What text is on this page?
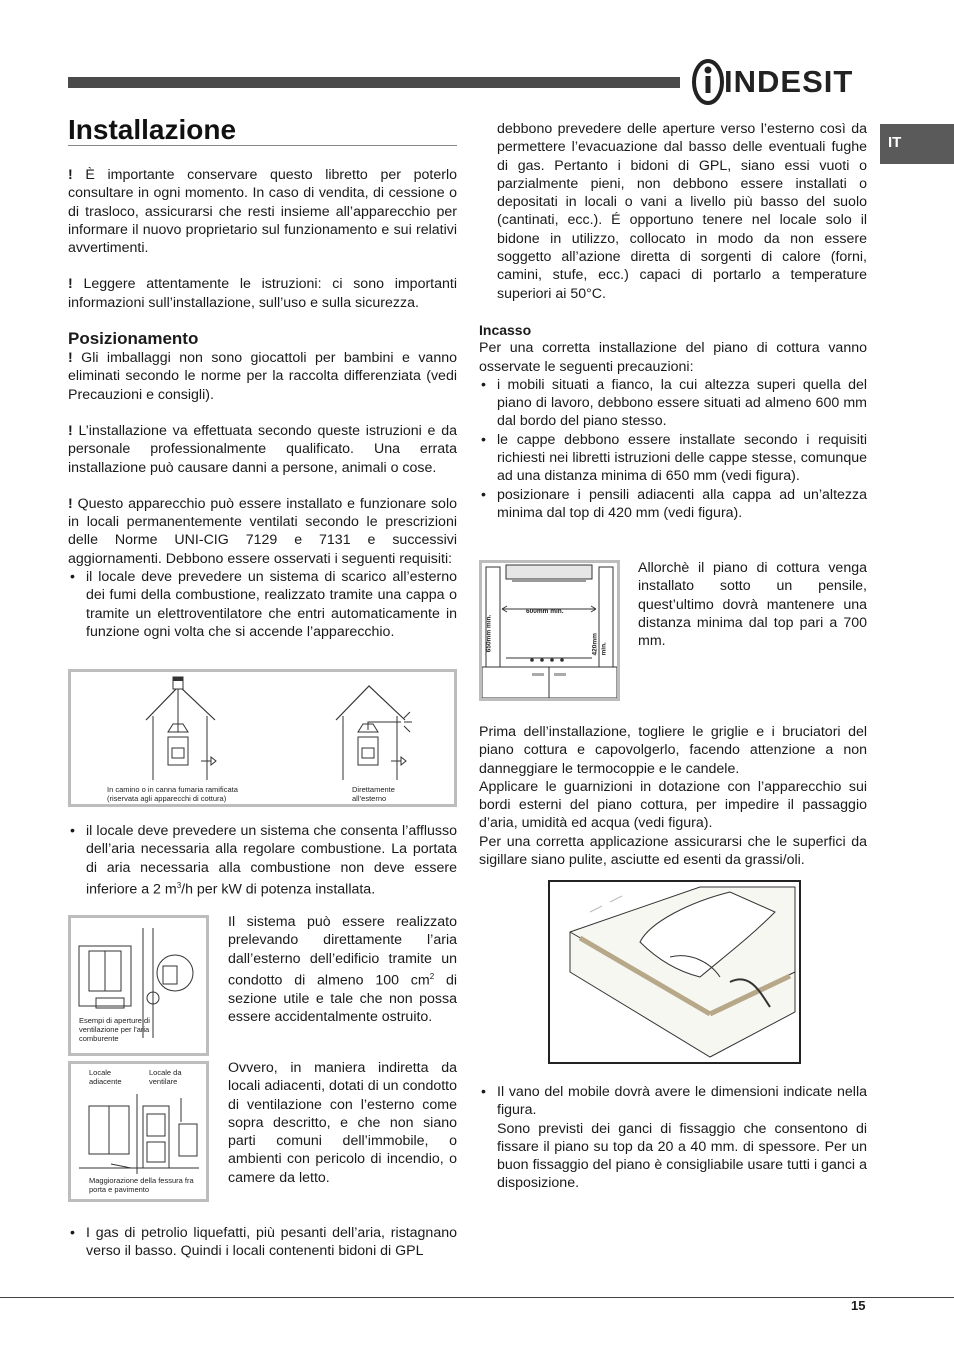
INDESIT
IT
Installazione

! È importante conservare questo libretto per poterlo consultare in ogni momento. In caso di vendita, di cessione o di trasloco, assicurarsi che resti insieme all’apparecchio per informare il nuovo proprietario sul funzionamento e sui relativi avvertimenti.

! Leggere attentamente le istruzioni: ci sono importanti informazioni sull’installazione, sull’uso e sulla sicurezza.

Posizionamento

! Gli imballaggi non sono giocattoli per bambini e vanno eliminati secondo le norme per la raccolta differenziata (vedi Precauzioni e consigli).

! L’installazione va effettuata secondo queste istruzioni e da personale professionalmente qualificato. Una errata installazione può causare danni a persone, animali o cose.

! Questo apparecchio può essere installato e funzionare solo in locali permanentemente ventilati secondo le prescrizioni delle Norme UNI-CIG 7129 e 7131 e successivi aggiornamenti. Debbono essere osservati i seguenti requisiti:

• il locale deve prevedere un sistema di scarico all’esterno dei fumi della combustione, realizzato tramite una cappa o tramite un elettroventilatore che entri automaticamente in funzione ogni volta che si accende l’apparecchio.
In camino o in canna fumaria ramificata (riservata agli apparecchi di cottura)
Direttamente all’esterno
• il locale deve prevedere un sistema che consenta l’afflusso dell’aria necessaria alla regolare combustione. La portata di aria necessaria alla combustione non deve essere inferiore a 2 $m^3/h$ per kW di potenza installata.
Esempi di aperture di ventilazione per l'aria comburente

Il sistema può essere realizzato prelevando direttamente l’aria dall’esterno dell’edificio tramite un condotto di almeno 100 $cm^2$ di sezione utile e tale che non possa essere accidentalmente ostruito.

Locale adiacente
Locale da ventilare
Maggiorazione della fessura fra porta e pavimento

Ovvero, in maniera indiretta da locali adiacenti, dotati di un condotto di ventilazione con l’esterno come sopra descritto, e che non siano parti comuni dell’immobile, o ambienti con pericolo di incendio, o camere da letto.

• I gas di petrolio liquefatti, più pesanti dell’aria, ristagnano verso il basso. Quindi i locali contenenti bidoni di GPL

debbono prevedere delle aperture verso l’esterno così da permettere l’evacuazione dal basso delle eventuali fughe di gas. Pertanto i bidoni di GPL, siano essi vuoti o parzialmente pieni, non debbono essere installati o depositati in locali o vani a livello più basso del suolo (cantinati, ecc.). É opportuno tenere nel locale solo il bidone in utilizzo, collocato in modo da non essere soggetto all’azione diretta di sorgenti di calore (forni, camini, stufe, ecc.) capaci di portarlo a temperature superiori ai 50°C.

Incasso

Per una corretta installazione del piano di cottura vanno osservate le seguenti precauzioni:

• i mobili situati a fianco, la cui altezza superi quella del piano di lavoro, debbono essere situati ad almeno 600 mm dal bordo del piano stesso.
• le cappe debbono essere installate secondo i requisiti richiesti nei libretti istruzioni delle cappe stesse, comunque ad una distanza minima di 650 mm (vedi figura).
• posizionare i pensili adiacenti alla cappa ad un’altezza minima dal top di 420 mm (vedi figura).
600mm min.
650mm min.	420mm min.

Allorchè il piano di cottura venga installato sotto un pensile, quest’ultimo dovrà mantenere una distanza minima dal top pari a 700 mm.

Prima dell’installazione, togliere le griglie e i bruciatori del piano cottura e capovolgerlo, facendo attenzione a non danneggiare le termocoppie e le candele.

Applicare le guarnizioni in dotazione con l’apparecchio sui bordi esterni del piano cottura, per impedire il passaggio d’aria, umidità ed acqua (vedi figura).

Per una corretta applicazione assicurarsi che le superfici da sigillare siano pulite, asciutte ed esenti da grassi/oli.

• Il vano del mobile dovrà avere le dimensioni indicate nella figura.
Sono previsti dei ganci di fissaggio che consentono di fissare il piano su top da 20 a 40 mm. di spessore. Per un buon fissaggio del piano è consigliabile usare tutti i ganci a disposizione.
15
